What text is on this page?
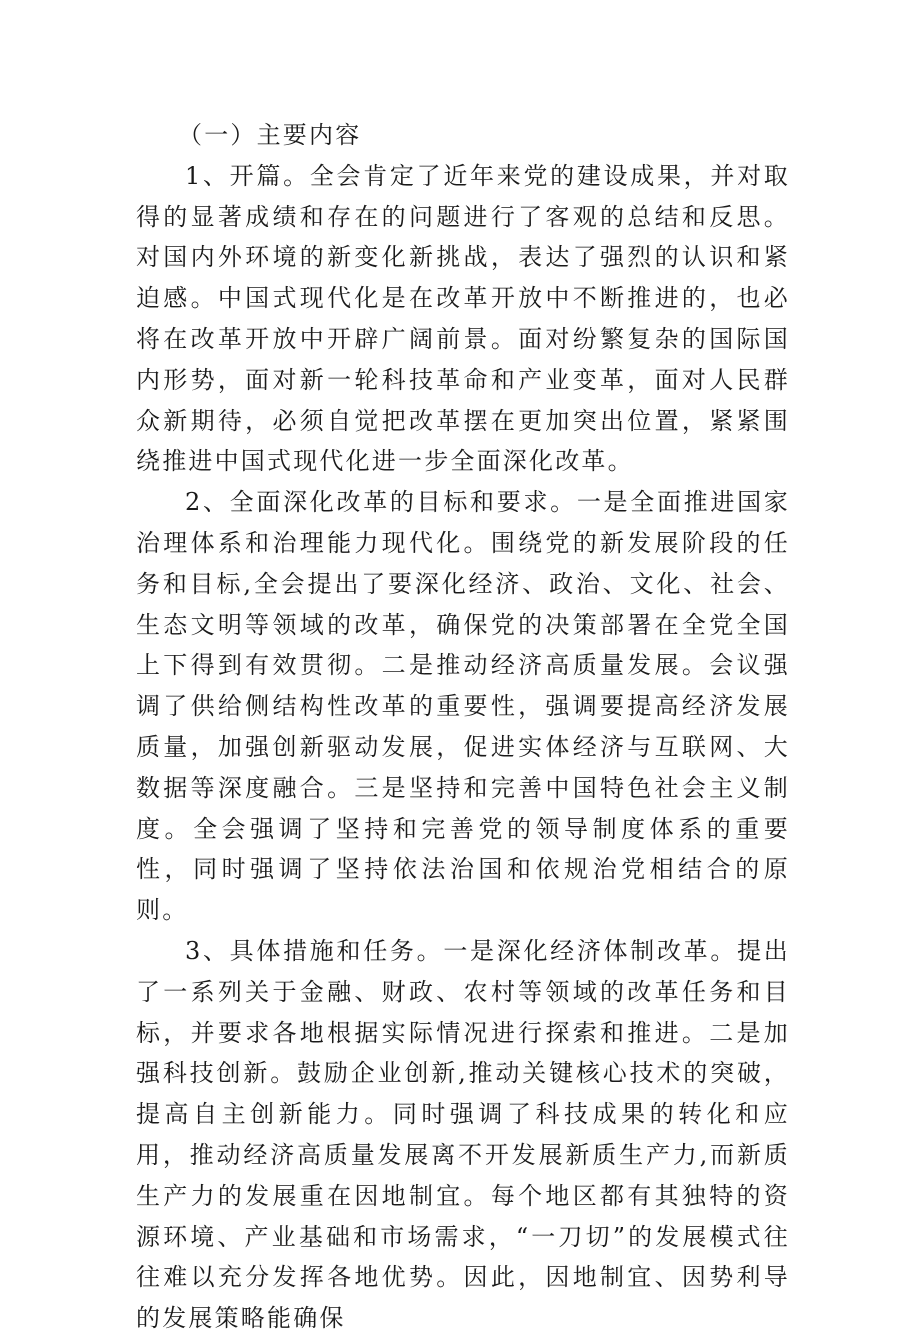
（一）主要内容

1、开篇。全会肯定了近年来党的建设成果，并对取得的显著成绩和存在的问题进行了客观的总结和反思。对国内外环境的新变化新挑战，表达了强烈的认识和紧迫感。中国式现代化是在改革开放中不断推进的，也必将在改革开放中开辟广阔前景。面对纷繁复杂的国际国内形势，面对新一轮科技革命和产业变革，面对人民群众新期待，必须自觉把改革摆在更加突出位置，紧紧围绕推进中国式现代化进一步全面深化改革。

2、全面深化改革的目标和要求。一是全面推进国家治理体系和治理能力现代化。围绕党的新发展阶段的任务和目标,全会提出了要深化经济、政治、文化、社会、生态文明等领域的改革，确保党的决策部署在全党全国上下得到有效贯彻。二是推动经济高质量发展。会议强调了供给侧结构性改革的重要性，强调要提高经济发展质量，加强创新驱动发展，促进实体经济与互联网、大数据等深度融合。三是坚持和完善中国特色社会主义制度。全会强调了坚持和完善党的领导制度体系的重要性，同时强调了坚持依法治国和依规治党相结合的原则。

3、具体措施和任务。一是深化经济体制改革。提出了一系列关于金融、财政、农村等领域的改革任务和目标，并要求各地根据实际情况进行探索和推进。二是加强科技创新。鼓励企业创新,推动关键核心技术的突破，提高自主创新能力。同时强调了科技成果的转化和应用，推动经济高质量发展离不开发展新质生产力,而新质生产力的发展重在因地制宜。每个地区都有其独特的资源环境、产业基础和市场需求，“一刀切”的发展模式往往难以充分发挥各地优势。因此，因地制宜、因势利导的发展策略能确保
